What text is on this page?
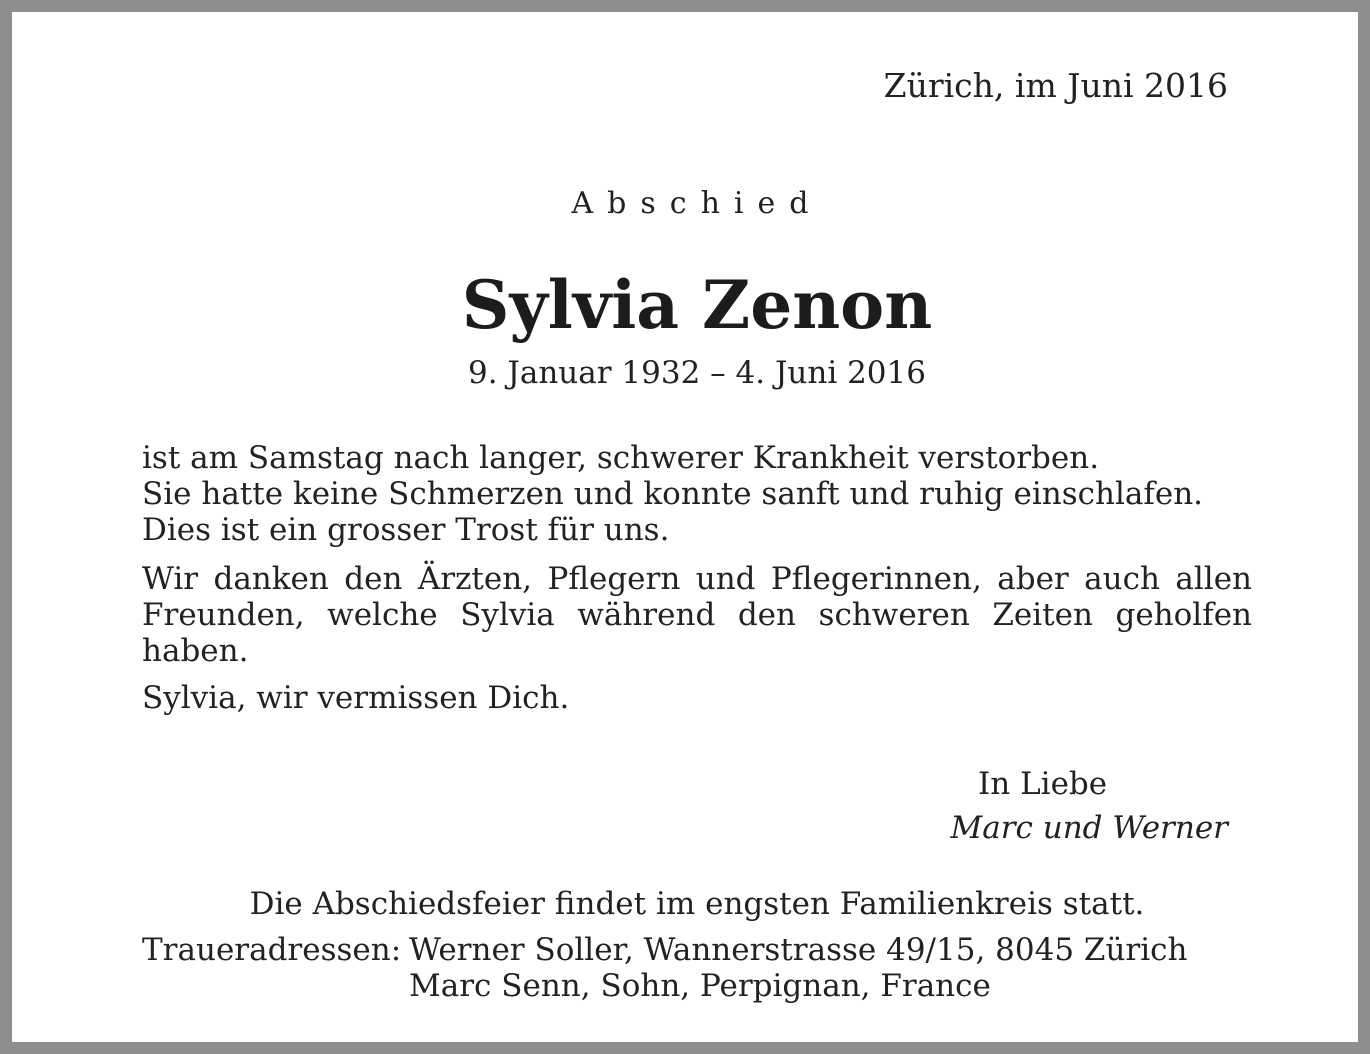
Zürich, im Juni 2016

Abschied

Sylvia Zenon

9. Januar 1932 – 4. Juni 2016

ist am Samstag nach langer, schwerer Krankheit verstorben.
Sie hatte keine Schmerzen und konnte sanft und ruhig einschlafen.
Dies ist ein grosser Trost für uns.

Wir danken den Ärzten, Pflegern und Pflegerinnen, aber auch allen Freunden, welche Sylvia während den schweren Zeiten geholfen haben.

Sylvia, wir vermissen Dich.

In Liebe

Marc und Werner

Die Abschiedsfeier findet im engsten Familienkreis statt.

Traueradressen: Werner Soller, Wannerstrasse 49/15, 8045 Zürich

Marc Senn, Sohn, Perpignan, France
